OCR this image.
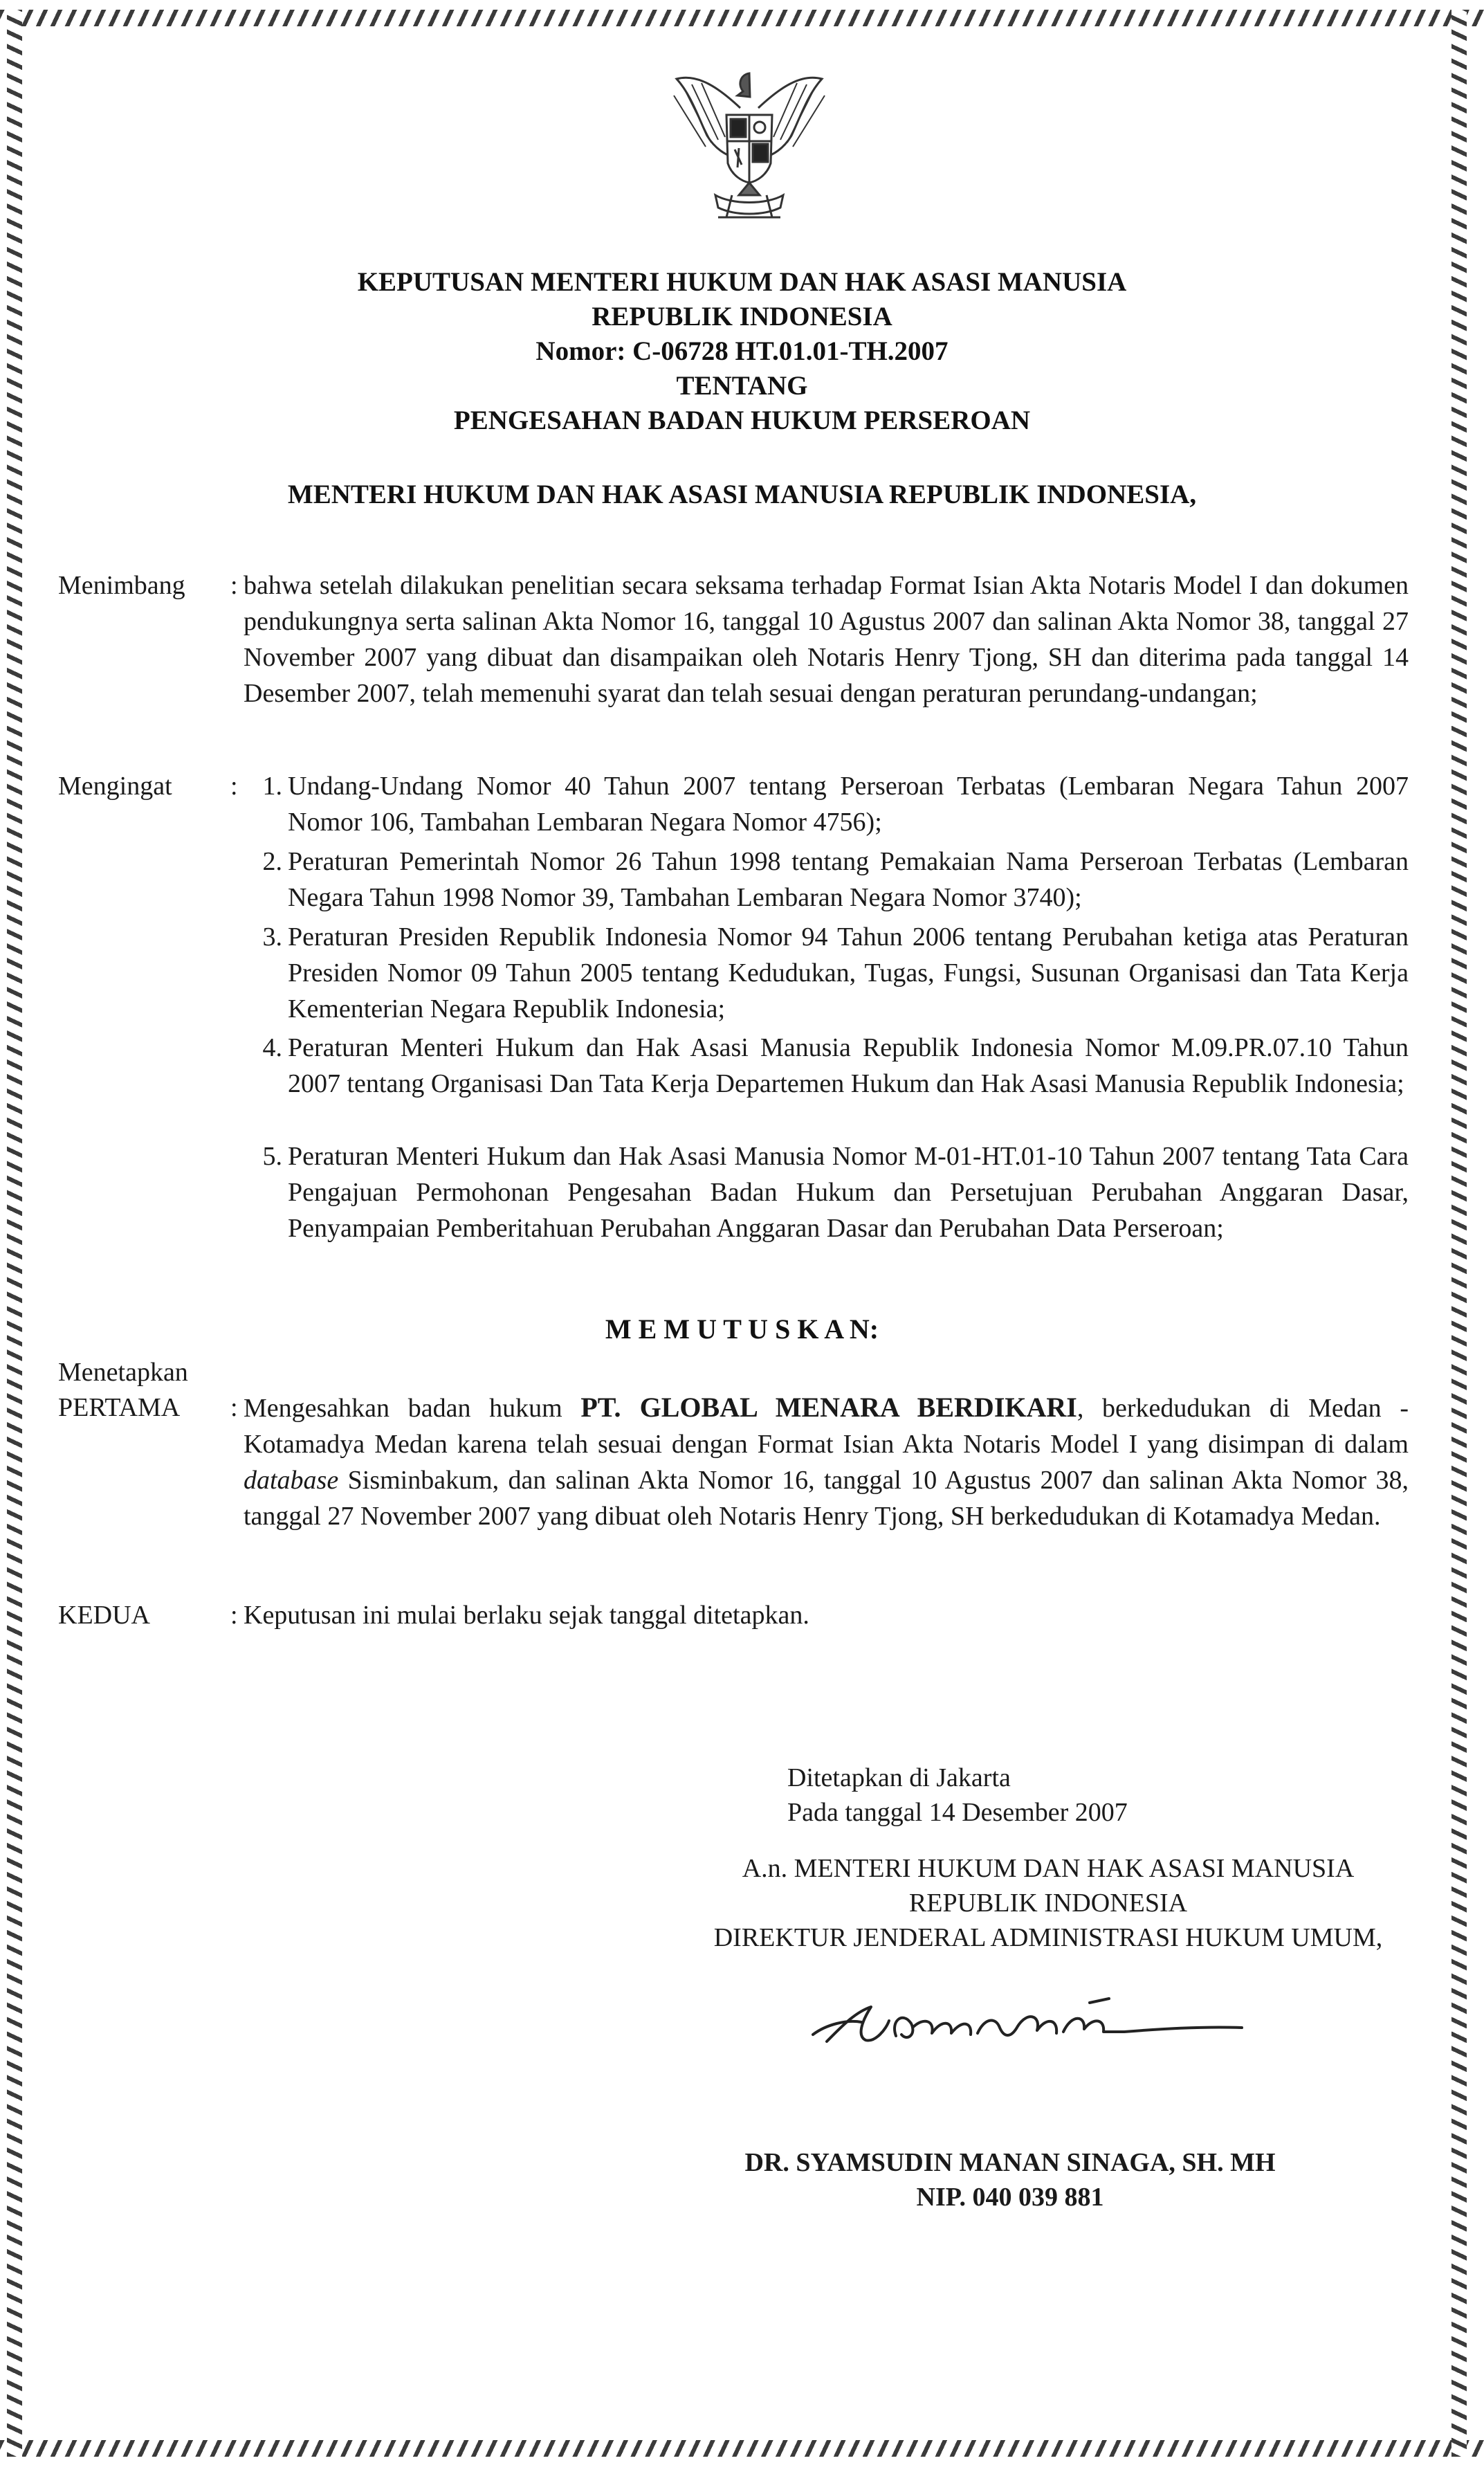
KEPUTUSAN MENTERI HUKUM DAN HAK ASASI MANUSIA
REPUBLIK INDONESIA
Nomor: C-06728 HT.01.01-TH.2007
TENTANG
PENGESAHAN BADAN HUKUM PERSEROAN
MENTERI HUKUM DAN HAK ASASI MANUSIA REPUBLIK INDONESIA,
Menimbang : bahwa setelah dilakukan penelitian secara seksama terhadap Format Isian Akta Notaris Model I dan dokumen pendukungnya serta salinan Akta Nomor 16, tanggal 10 Agustus 2007 dan salinan Akta Nomor 38, tanggal 27 November 2007 yang dibuat dan disampaikan oleh Notaris Henry Tjong, SH dan diterima pada tanggal 14 Desember 2007, telah memenuhi syarat dan telah sesuai dengan peraturan perundang-undangan;
Mengingat : 1. Undang-Undang Nomor 40 Tahun 2007 tentang Perseroan Terbatas (Lembaran Negara Tahun 2007 Nomor 106, Tambahan Lembaran Negara Nomor 4756);
2. Peraturan Pemerintah Nomor 26 Tahun 1998 tentang Pemakaian Nama Perseroan Terbatas (Lembaran Negara Tahun 1998 Nomor 39, Tambahan Lembaran Negara Nomor 3740);
3. Peraturan Presiden Republik Indonesia Nomor 94 Tahun 2006 tentang Perubahan ketiga atas Peraturan Presiden Nomor 09 Tahun 2005 tentang Kedudukan, Tugas, Fungsi, Susunan Organisasi dan Tata Kerja Kementerian Negara Republik Indonesia;
4. Peraturan Menteri Hukum dan Hak Asasi Manusia Republik Indonesia Nomor M.09.PR.07.10 Tahun 2007 tentang Organisasi Dan Tata Kerja Departemen Hukum dan Hak Asasi Manusia Republik Indonesia;
5. Peraturan Menteri Hukum dan Hak Asasi Manusia Nomor M-01-HT.01-10 Tahun 2007 tentang Tata Cara Pengajuan Permohonan Pengesahan Badan Hukum dan Persetujuan Perubahan Anggaran Dasar, Penyampaian Pemberitahuan Perubahan Anggaran Dasar dan Perubahan Data Perseroan;
M E M U T U S K A N:
Menetapkan
PERTAMA : Mengesahkan badan hukum PT. GLOBAL MENARA BERDIKARI, berkedudukan di Medan - Kotamadya Medan karena telah sesuai dengan Format Isian Akta Notaris Model I yang disimpan di dalam database Sisminbakum, dan salinan Akta Nomor 16, tanggal 10 Agustus 2007 dan salinan Akta Nomor 38, tanggal 27 November 2007 yang dibuat oleh Notaris Henry Tjong, SH berkedudukan di Kotamadya Medan.
KEDUA	: Keputusan ini mulai berlaku sejak tanggal ditetapkan.
Ditetapkan di Jakarta
Pada tanggal 14 Desember 2007
A.n. MENTERI HUKUM DAN HAK ASASI MANUSIA
REPUBLIK INDONESIA
DIREKTUR JENDERAL ADMINISTRASI HUKUM UMUM,
DR. SYAMSUDIN MANAN SINAGA, SH. MH
NIP. 040 039 881
